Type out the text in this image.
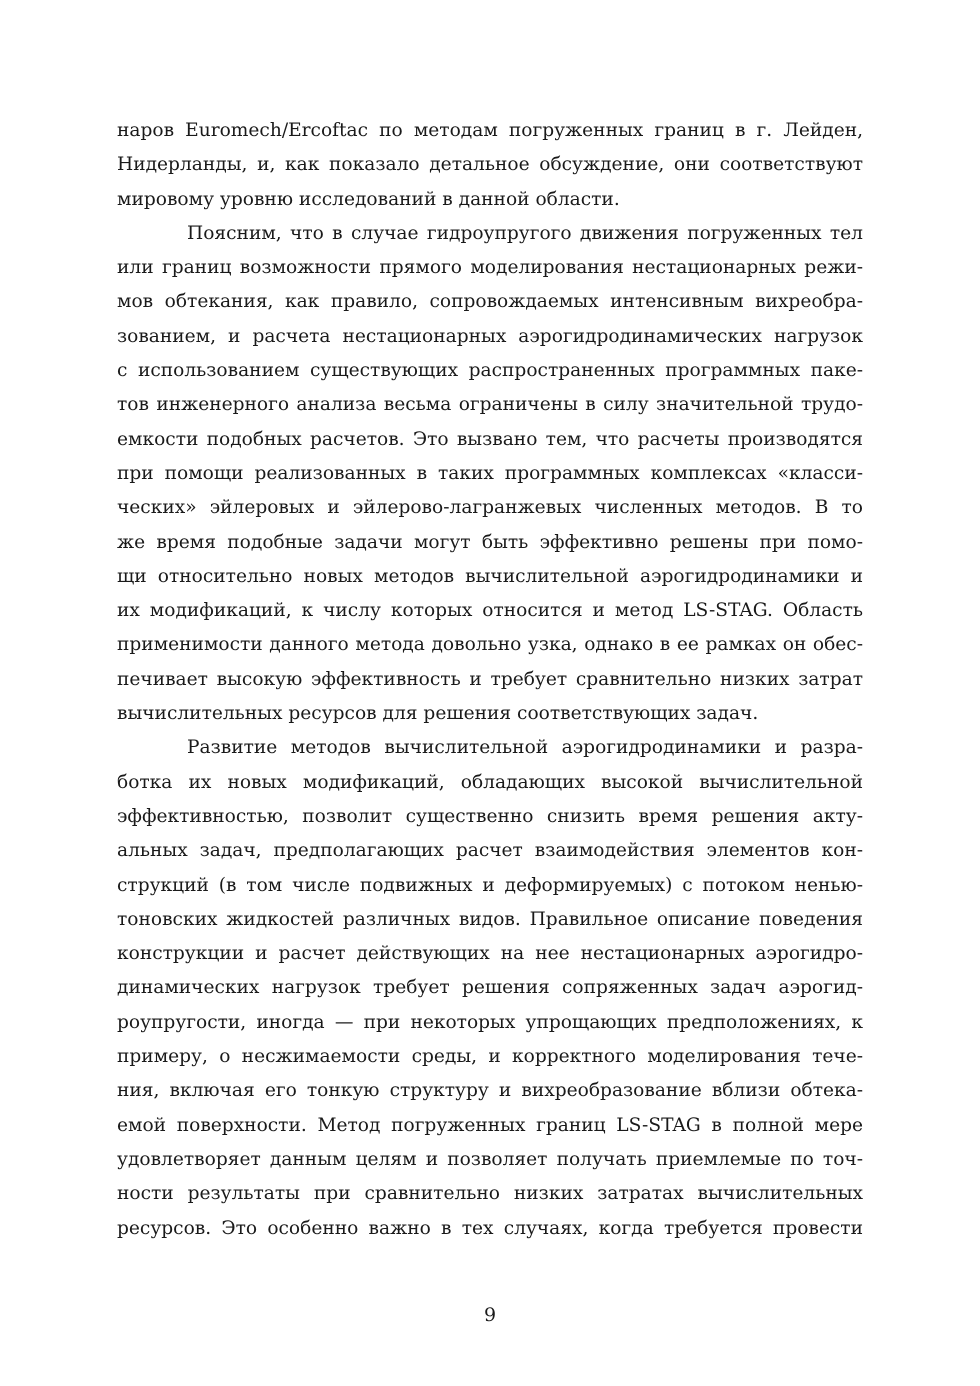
наров Euromech/Ercoftac по методам погруженных границ в г. Лейден,
Нидерланды, и, как показало детальное обсуждение, они соответствуют
мировому уровню исследований в данной области.
Поясним, что в случае гидроупругого движения погруженных тел
или границ возможности прямого моделирования нестационарных режи-
мов обтекания, как правило, сопровождаемых интенсивным вихреобра-
зованием, и расчета нестационарных аэрогидродинамических нагрузок
с использованием существующих распространенных программных паке-
тов инженерного анализа весьма ограничены в силу значительной трудо-
емкости подобных расчетов. Это вызвано тем, что расчеты производятся
при помощи реализованных в таких программных комплексах «класси-
ческих» эйлеровых и эйлерово-лагранжевых численных методов. В то
же время подобные задачи могут быть эффективно решены при помо-
щи относительно новых методов вычислительной аэрогидродинамики и
их модификаций, к числу которых относится и метод LS-STAG. Область
применимости данного метода довольно узка, однако в ее рамках он обес-
печивает высокую эффективность и требует сравнительно низких затрат
вычислительных ресурсов для решения соответствующих задач.
Развитие методов вычислительной аэрогидродинамики и разра-
ботка их новых модификаций, обладающих высокой вычислительной
эффективностью, позволит существенно снизить время решения акту-
альных задач, предполагающих расчет взаимодействия элементов кон-
струкций (в том числе подвижных и деформируемых) с потоком ненью-
тоновских жидкостей различных видов. Правильное описание поведения
конструкции и расчет действующих на нее нестационарных аэрогидро-
динамических нагрузок требует решения сопряженных задач аэрогид-
роупругости, иногда — при некоторых упрощающих предположениях, к
примеру, о несжимаемости среды, и корректного моделирования тече-
ния, включая его тонкую структуру и вихреобразование вблизи обтека-
емой поверхности. Метод погруженных границ LS-STAG в полной мере
удовлетворяет данным целям и позволяет получать приемлемые по точ-
ности результаты при сравнительно низких затратах вычислительных
ресурсов. Это особенно важно в тех случаях, когда требуется провести
9
